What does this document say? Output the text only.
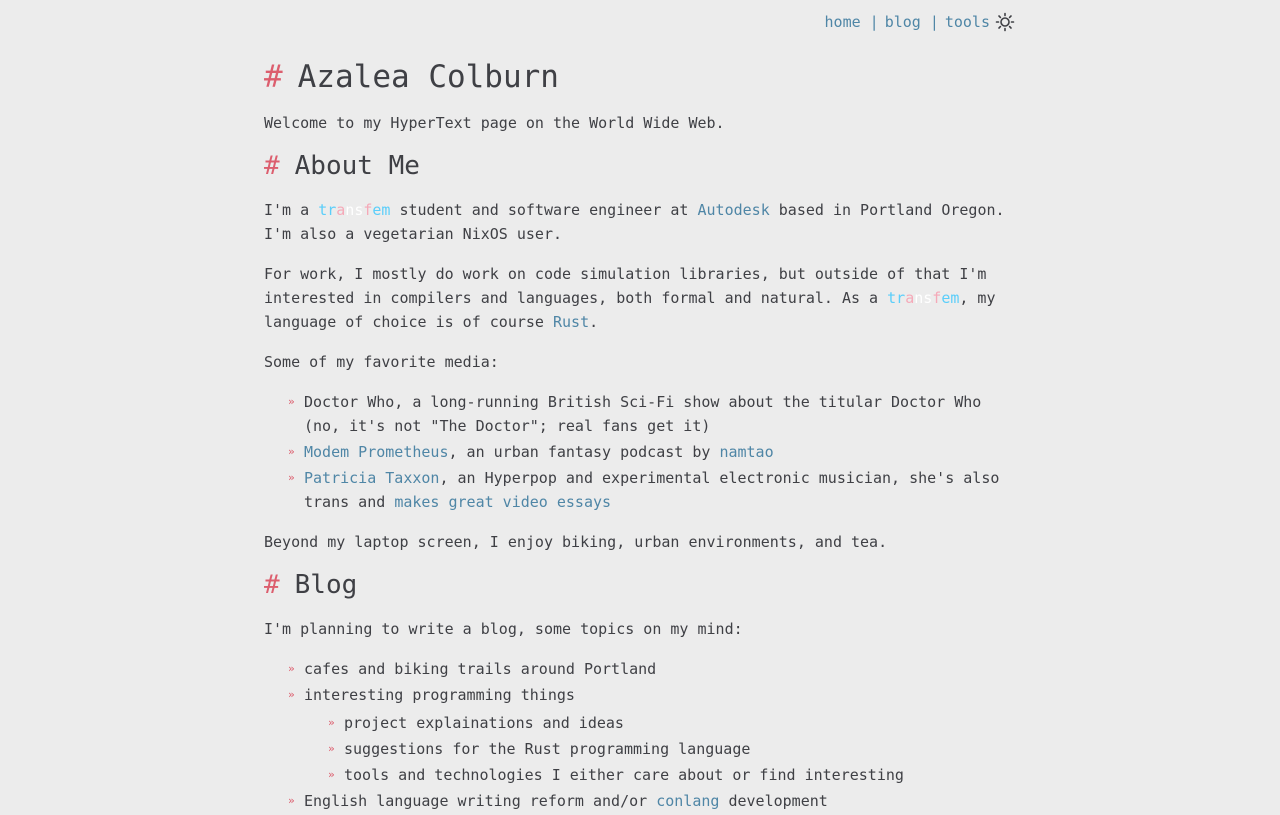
home | blog | tools
# Azalea Colburn

Welcome to my HyperText page on the World Wide Web.

# About Me

I'm a transfem student and software engineer at Autodesk based in Portland Oregon. I'm also a vegetarian NixOS user.

For work, I mostly do work on code simulation libraries, but outside of that I'm interested in compilers and languages, both formal and natural. As a transfem, my language of choice is of course Rust.

Some of my favorite media:

» Doctor Who, a long-running British Sci-Fi show about the titular Doctor Who (no, it's not "The Doctor"; real fans get it)
» Modem Prometheus, an urban fantasy podcast by namtao
» Patricia Taxxon, an Hyperpop and experimental electronic musician, she's also trans and makes great video essays

Beyond my laptop screen, I enjoy biking, urban environments, and tea.

# Blog

I'm planning to write a blog, some topics on my mind:

» cafes and biking trails around Portland
» interesting programming things
» project explainations and ideas
» suggestions for the Rust programming language
» tools and technologies I either care about or find interesting
» English language writing reform and/or conlang development
